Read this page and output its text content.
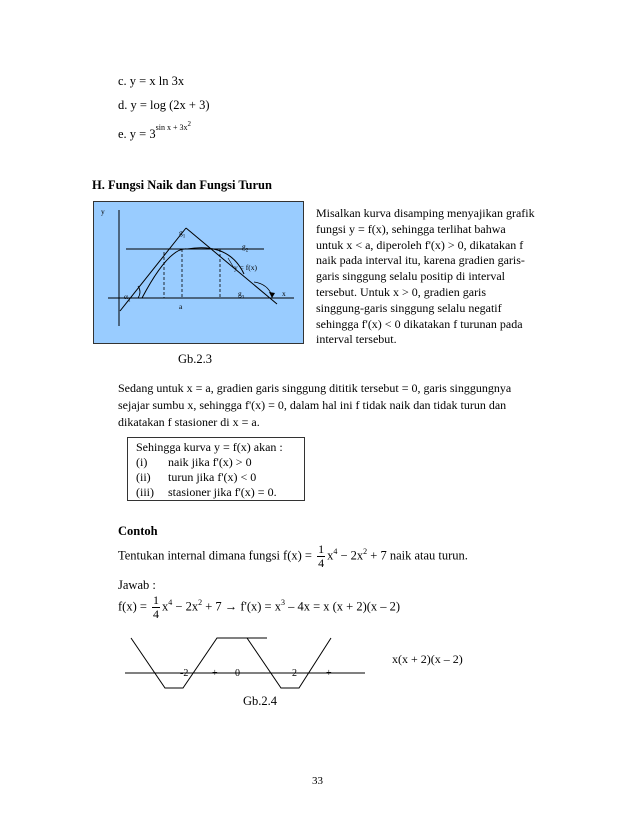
c. y = x ln 3x
d. y = log (2x + 3)
e. $y = 3^{sin x + 3x2}$
H. Fungsi Naik dan Fungsi Turun
y
x
$g_1$
$g_2$
$g_3$
y = f(x)
$\alpha_1$
a
Misalkan kurva disamping menyajikan grafik
fungsi y = f(x), sehingga terlihat bahwa
untuk x < a, diperoleh f'(x) > 0, dikatakan f
naik pada interval itu, karena gradien garis-
garis singgung selalu positip di interval
tersebut. Untuk x > 0, gradien garis
singgung-garis singgung selalu negatif
sehingga f'(x) < 0 dikatakan f turunan pada
interval tersebut.
Gb.2.3
Sedang untuk x = a, gradien garis singgung dititik tersebut = 0, garis singgungnya
sejajar sumbu x, sehingga f'(x) = 0, dalam hal ini f tidak naik dan tidak turun dan
dikatakan f stasioner di x = a.
Sehingga kurva y = f(x) akan :
(i) naik jika f'(x) > 0
(ii) turun jika f'(x) < 0
(iii) stasioner jika f'(x) = 0.
Contoh
Tentukan internal dimana fungsi $f(x) = \frac{1}{4} x^4 - 2x^2 + 7$ naik atau turun.
Jawab :
$f(x) = \frac{1}{4} x^4 - 2x^2 + 7 \to f'(x) = x^3 - 4x = x$ (x + 2)(x – 2)
− -2 + 0 −	2	+
x(x + 2)(x – 2)
Gb.2.4
33
